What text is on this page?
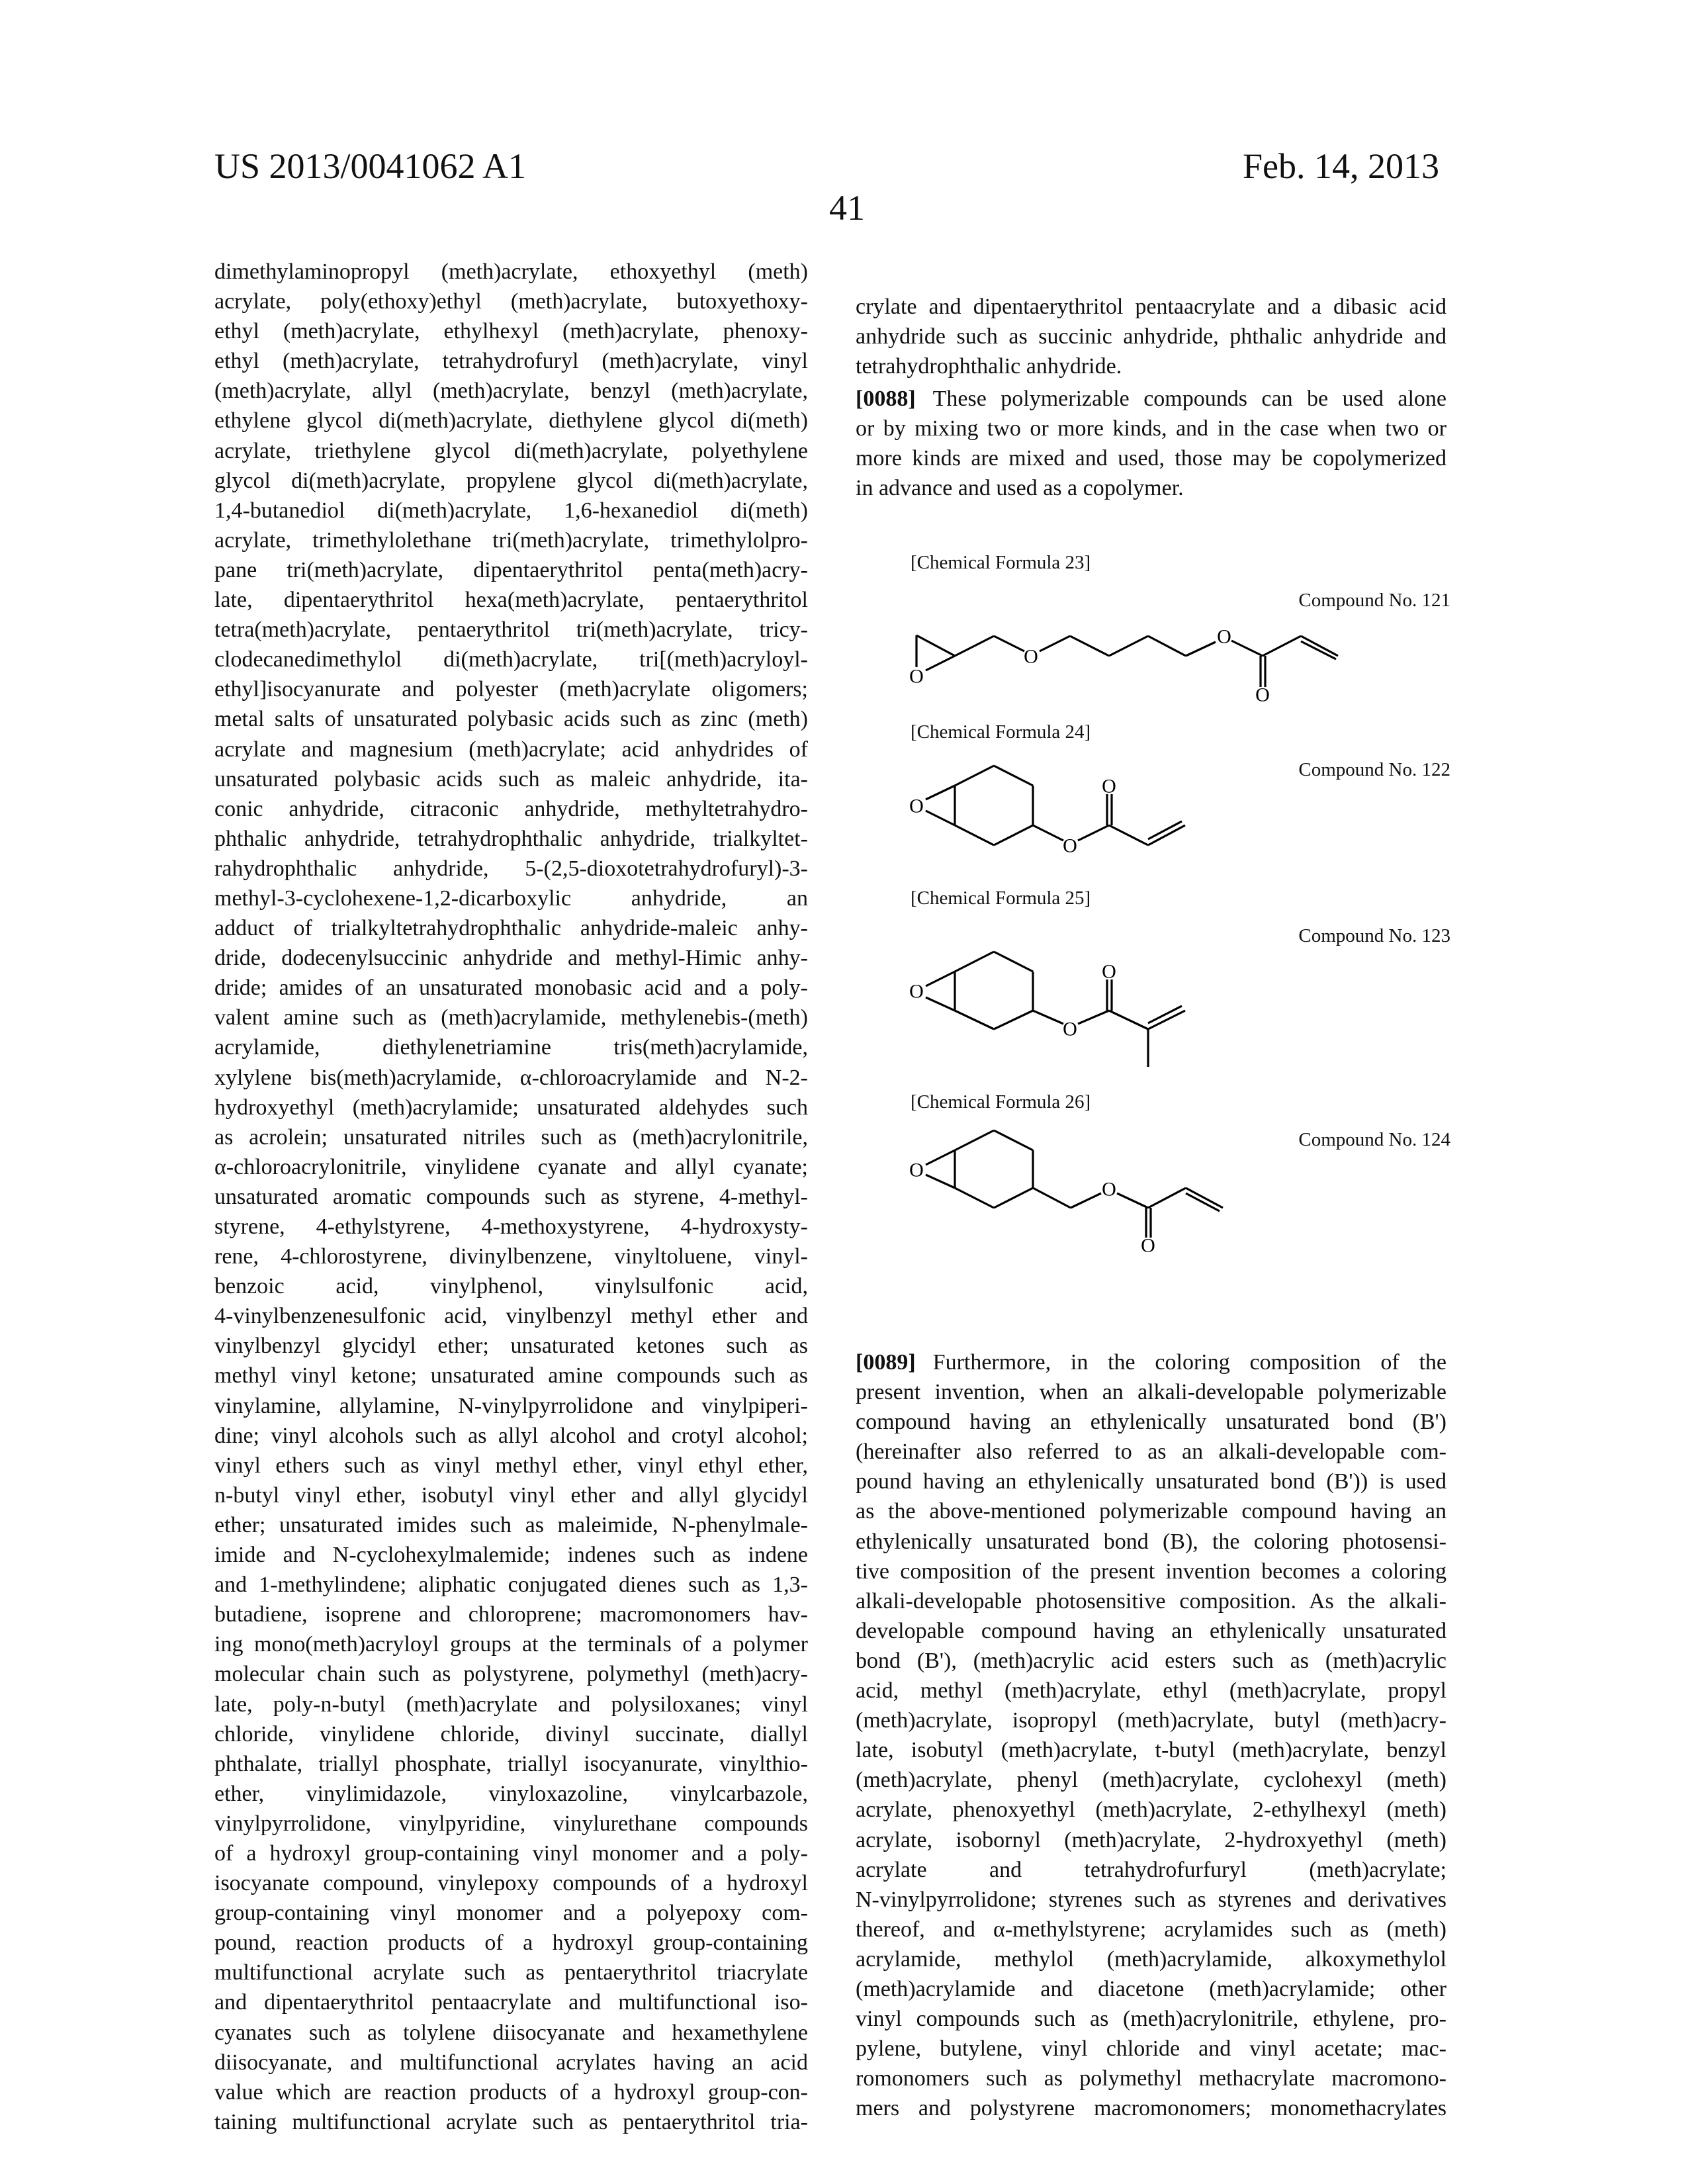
US 2013/0041062 A1
41
Feb. 14, 2013
dimethylaminopropyl (meth)acrylate, ethoxyethyl (meth)
acrylate, poly(ethoxy)ethyl (meth)acrylate, butoxyethoxy-
ethyl (meth)acrylate, ethylhexyl (meth)acrylate, phenoxy-
ethyl (meth)acrylate, tetrahydrofuryl (meth)acrylate, vinyl
(meth)acrylate, allyl (meth)acrylate, benzyl (meth)acrylate,
ethylene glycol di(meth)acrylate, diethylene glycol di(meth)
acrylate, triethylene glycol di(meth)acrylate, polyethylene
glycol di(meth)acrylate, propylene glycol di(meth)acrylate,
1,4-butanediol di(meth)acrylate, 1,6-hexanediol di(meth)
acrylate, trimethylolethane tri(meth)acrylate, trimethylolpro-
pane tri(meth)acrylate, dipentaerythritol penta(meth)acry-
late, dipentaerythritol hexa(meth)acrylate, pentaerythritol
tetra(meth)acrylate, pentaerythritol tri(meth)acrylate, tricy-
clodecanedimethylol di(meth)acrylate, tri[(meth)acryloyl-
ethyl]isocyanurate and polyester (meth)acrylate oligomers;
metal salts of unsaturated polybasic acids such as zinc (meth)
acrylate and magnesium (meth)acrylate; acid anhydrides of
unsaturated polybasic acids such as maleic anhydride, ita-
conic anhydride, citraconic anhydride, methyltetrahydro-
phthalic anhydride, tetrahydrophthalic anhydride, trialkyltet-
rahydrophthalic anhydride, 5-(2,5-dioxotetrahydrofuryl)-3-
methyl-3-cyclohexene-1,2-dicarboxylic anhydride, an
adduct of trialkyltetrahydrophthalic anhydride-maleic anhy-
dride, dodecenylsuccinic anhydride and methyl-Himic anhy-
dride; amides of an unsaturated monobasic acid and a poly-
valent amine such as (meth)acrylamide, methylenebis-(meth)
acrylamide, diethylenetriamine tris(meth)acrylamide,
xylylene bis(meth)acrylamide, α-chloroacrylamide and N-2-
hydroxyethyl (meth)acrylamide; unsaturated aldehydes such
as acrolein; unsaturated nitriles such as (meth)acrylonitrile,
α-chloroacrylonitrile, vinylidene cyanate and allyl cyanate;
unsaturated aromatic compounds such as styrene, 4-methyl-
styrene, 4-ethylstyrene, 4-methoxystyrene, 4-hydroxysty-
rene, 4-chlorostyrene, divinylbenzene, vinyltoluene, vinyl-
benzoic acid, vinylphenol, vinylsulfonic acid,
4-vinylbenzenesulfonic acid, vinylbenzyl methyl ether and
vinylbenzyl glycidyl ether; unsaturated ketones such as
methyl vinyl ketone; unsaturated amine compounds such as
vinylamine, allylamine, N-vinylpyrrolidone and vinylpiperi-
dine; vinyl alcohols such as allyl alcohol and crotyl alcohol;
vinyl ethers such as vinyl methyl ether, vinyl ethyl ether,
n-butyl vinyl ether, isobutyl vinyl ether and allyl glycidyl
ether; unsaturated imides such as maleimide, N-phenylmale-
imide and N-cyclohexylmalemide; indenes such as indene
and 1-methylindene; aliphatic conjugated dienes such as 1,3-
butadiene, isoprene and chloroprene; macromonomers hav-
ing mono(meth)acryloyl groups at the terminals of a polymer
molecular chain such as polystyrene, polymethyl (meth)acry-
late, poly-n-butyl (meth)acrylate and polysiloxanes; vinyl
chloride, vinylidene chloride, divinyl succinate, diallyl
phthalate, triallyl phosphate, triallyl isocyanurate, vinylthio-
ether, vinylimidazole, vinyloxazoline, vinylcarbazole,
vinylpyrrolidone, vinylpyridine, vinylurethane compounds
of a hydroxyl group-containing vinyl monomer and a poly-
isocyanate compound, vinylepoxy compounds of a hydroxyl
group-containing vinyl monomer and a polyepoxy com-
pound, reaction products of a hydroxyl group-containing
multifunctional acrylate such as pentaerythritol triacrylate
and dipentaerythritol pentaacrylate and multifunctional iso-
cyanates such as tolylene diisocyanate and hexamethylene
diisocyanate, and multifunctional acrylates having an acid
value which are reaction products of a hydroxyl group-con-
taining multifunctional acrylate such as pentaerythritol tria-
crylate and dipentaerythritol pentaacrylate and a dibasic acid
anhydride such as succinic anhydride, phthalic anhydride and
tetrahydrophthalic anhydride.
[0088] These polymerizable compounds can be used alone
or by mixing two or more kinds, and in the case when two or
more kinds are mixed and used, those may be copolymerized
in advance and used as a copolymer.
[0089] Furthermore, in the coloring composition of the
present invention, when an alkali-developable polymerizable
compound having an ethylenically unsaturated bond (B')
(hereinafter also referred to as an alkali-developable com-
pound having an ethylenically unsaturated bond (B')) is used
as the above-mentioned polymerizable compound having an
ethylenically unsaturated bond (B), the coloring photosensi-
tive composition of the present invention becomes a coloring
alkali-developable photosensitive composition. As the alkali-
developable compound having an ethylenically unsaturated
bond (B'), (meth)acrylic acid esters such as (meth)acrylic
acid, methyl (meth)acrylate, ethyl (meth)acrylate, propyl
(meth)acrylate, isopropyl (meth)acrylate, butyl (meth)acry-
late, isobutyl (meth)acrylate, t-butyl (meth)acrylate, benzyl
(meth)acrylate, phenyl (meth)acrylate, cyclohexyl (meth)
acrylate, phenoxyethyl (meth)acrylate, 2-ethylhexyl (meth)
acrylate, isobornyl (meth)acrylate, 2-hydroxyethyl (meth)
acrylate and tetrahydrofurfuryl (meth)acrylate;
N-vinylpyrrolidone; styrenes such as styrenes and derivatives
thereof, and α-methylstyrene; acrylamides such as (meth)
acrylamide, methylol (meth)acrylamide, alkoxymethylol
(meth)acrylamide and diacetone (meth)acrylamide; other
vinyl compounds such as (meth)acrylonitrile, ethylene, pro-
pylene, butylene, vinyl chloride and vinyl acetate; mac-
romonomers such as polymethyl methacrylate macromono-
mers and polystyrene macromonomers; monomethacrylates
[Chemical Formula 23]
Compound No. 121
[Chemical Formula 24]
Compound No. 122
[Chemical Formula 25]
Compound No. 123
[Chemical Formula 26]
Compound No. 124
O
O
O
O
O
O
O
O
O
O
O
O
O
